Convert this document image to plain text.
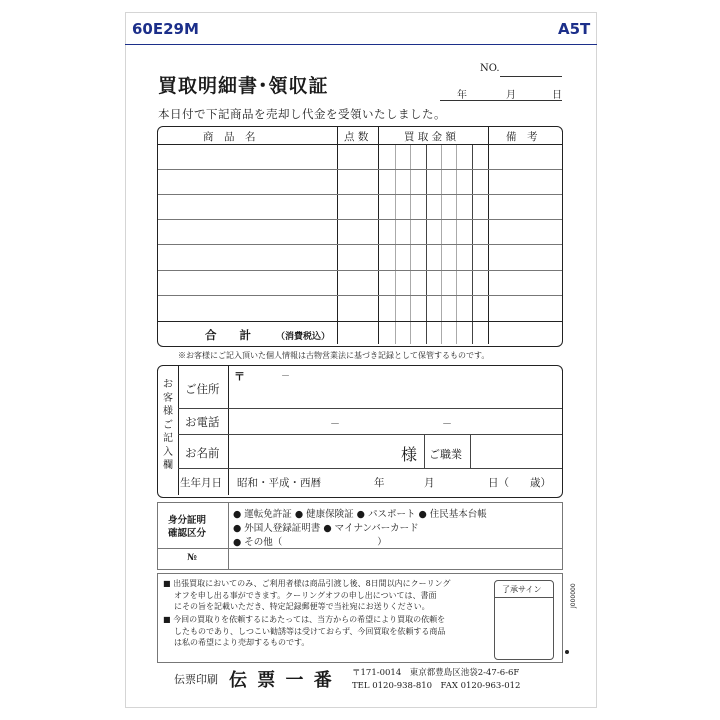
60E29M	A5T
買取明細書･領収証
NO.
年	月	日
本日付で下記商品を売却し代金を受領いたしました。
商　品　名	点 数	買 取 金 額	備　考
合　　計	（消費税込）
※お客様にご記入頂いた個人情報は古物営業法に基づき記録として保管するものです。
お客様ご記入欄
ご住所
〒	－
お電話	－	－
お名前	様 ご職業
生年月日 昭和・平成・西暦	年	月	日（ 歳）
身分証明
確認区分
● 運転免許証 ● 健康保険証 ● パスポート ● 住民基本台帳
● 外国人登録証明書 ● マイナンバーカード
● その他（　　　　　　　　　　）
№
■ 出張買取においてのみ、ご利用者様は商品引渡し後、8日間以内にクーリング
オフを申し出る事ができます。クーリングオフの申し出については、書面
にその旨を記載いただき、特定記録郵便等で当社宛にお送りください。
■ 今回の買取りを依頼するにあたっては、当方からの希望により買取の依頼を
したものであり、しつこい勧誘等は受けておらず、今回買取を依頼する商品
は私の希望により売却するものです。
了承サイン	J000000
伝票印刷 伝 票 一 番 〒171-0014　東京都豊島区池袋2-47-6-6F
TEL 0120-938-810　FAX 0120-963-012
